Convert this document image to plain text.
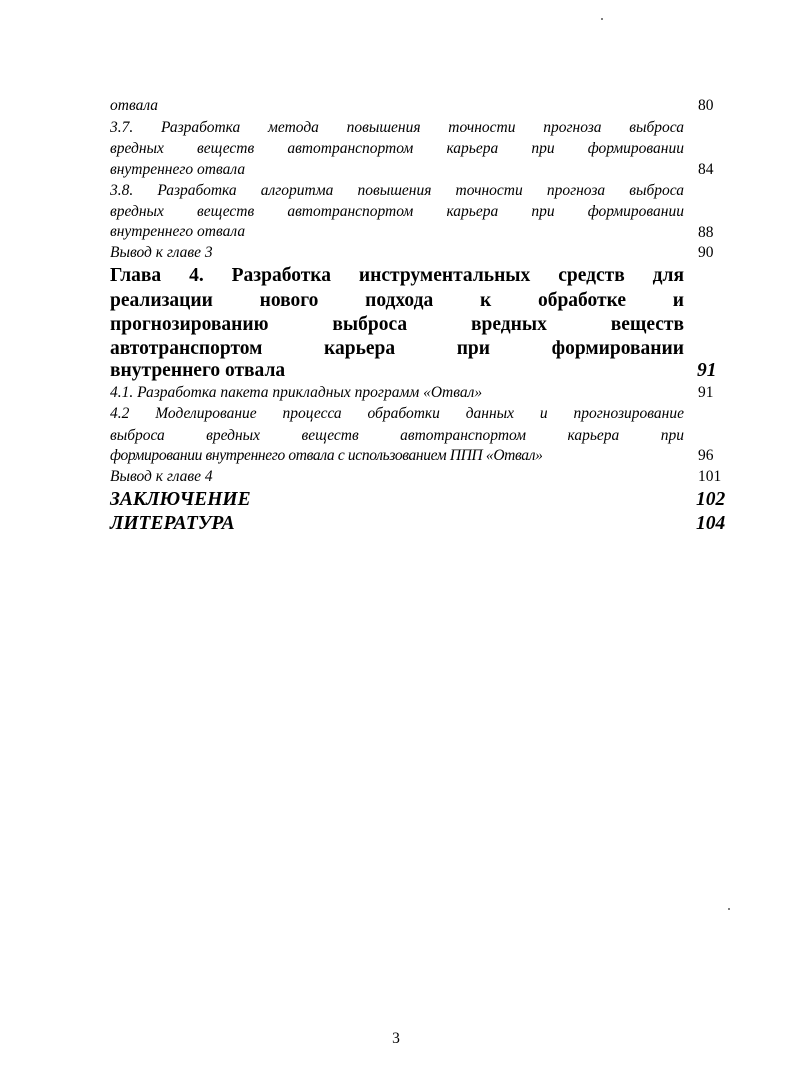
отвала	80
3.7. Разработка метода повышения точности прогноза выброса
вредных веществ автотранспортом карьера при формировании
внутреннего отвала	84
3.8. Разработка алгоритма повышения точности прогноза выброса
вредных веществ автотранспортом карьера при формировании
внутреннего отвала	88
Вывод к главе 3	90
Глава 4. Разработка инструментальных средств для
реализации нового подхода к обработке и
прогнозированию выброса вредных веществ
автотранспортом карьера при формировании
внутреннего отвала	91
4.1. Разработка пакета прикладных программ «Отвал»	91
4.2 Моделирование процесса обработки данных и прогнозирование
выброса вредных веществ автотранспортом карьера при
формировании внутреннего отвала с использованием ППП «Отвал»	96
Вывод к главе 4	101
ЗАКЛЮЧЕНИЕ	102
ЛИТЕРАТУРА	104
3
